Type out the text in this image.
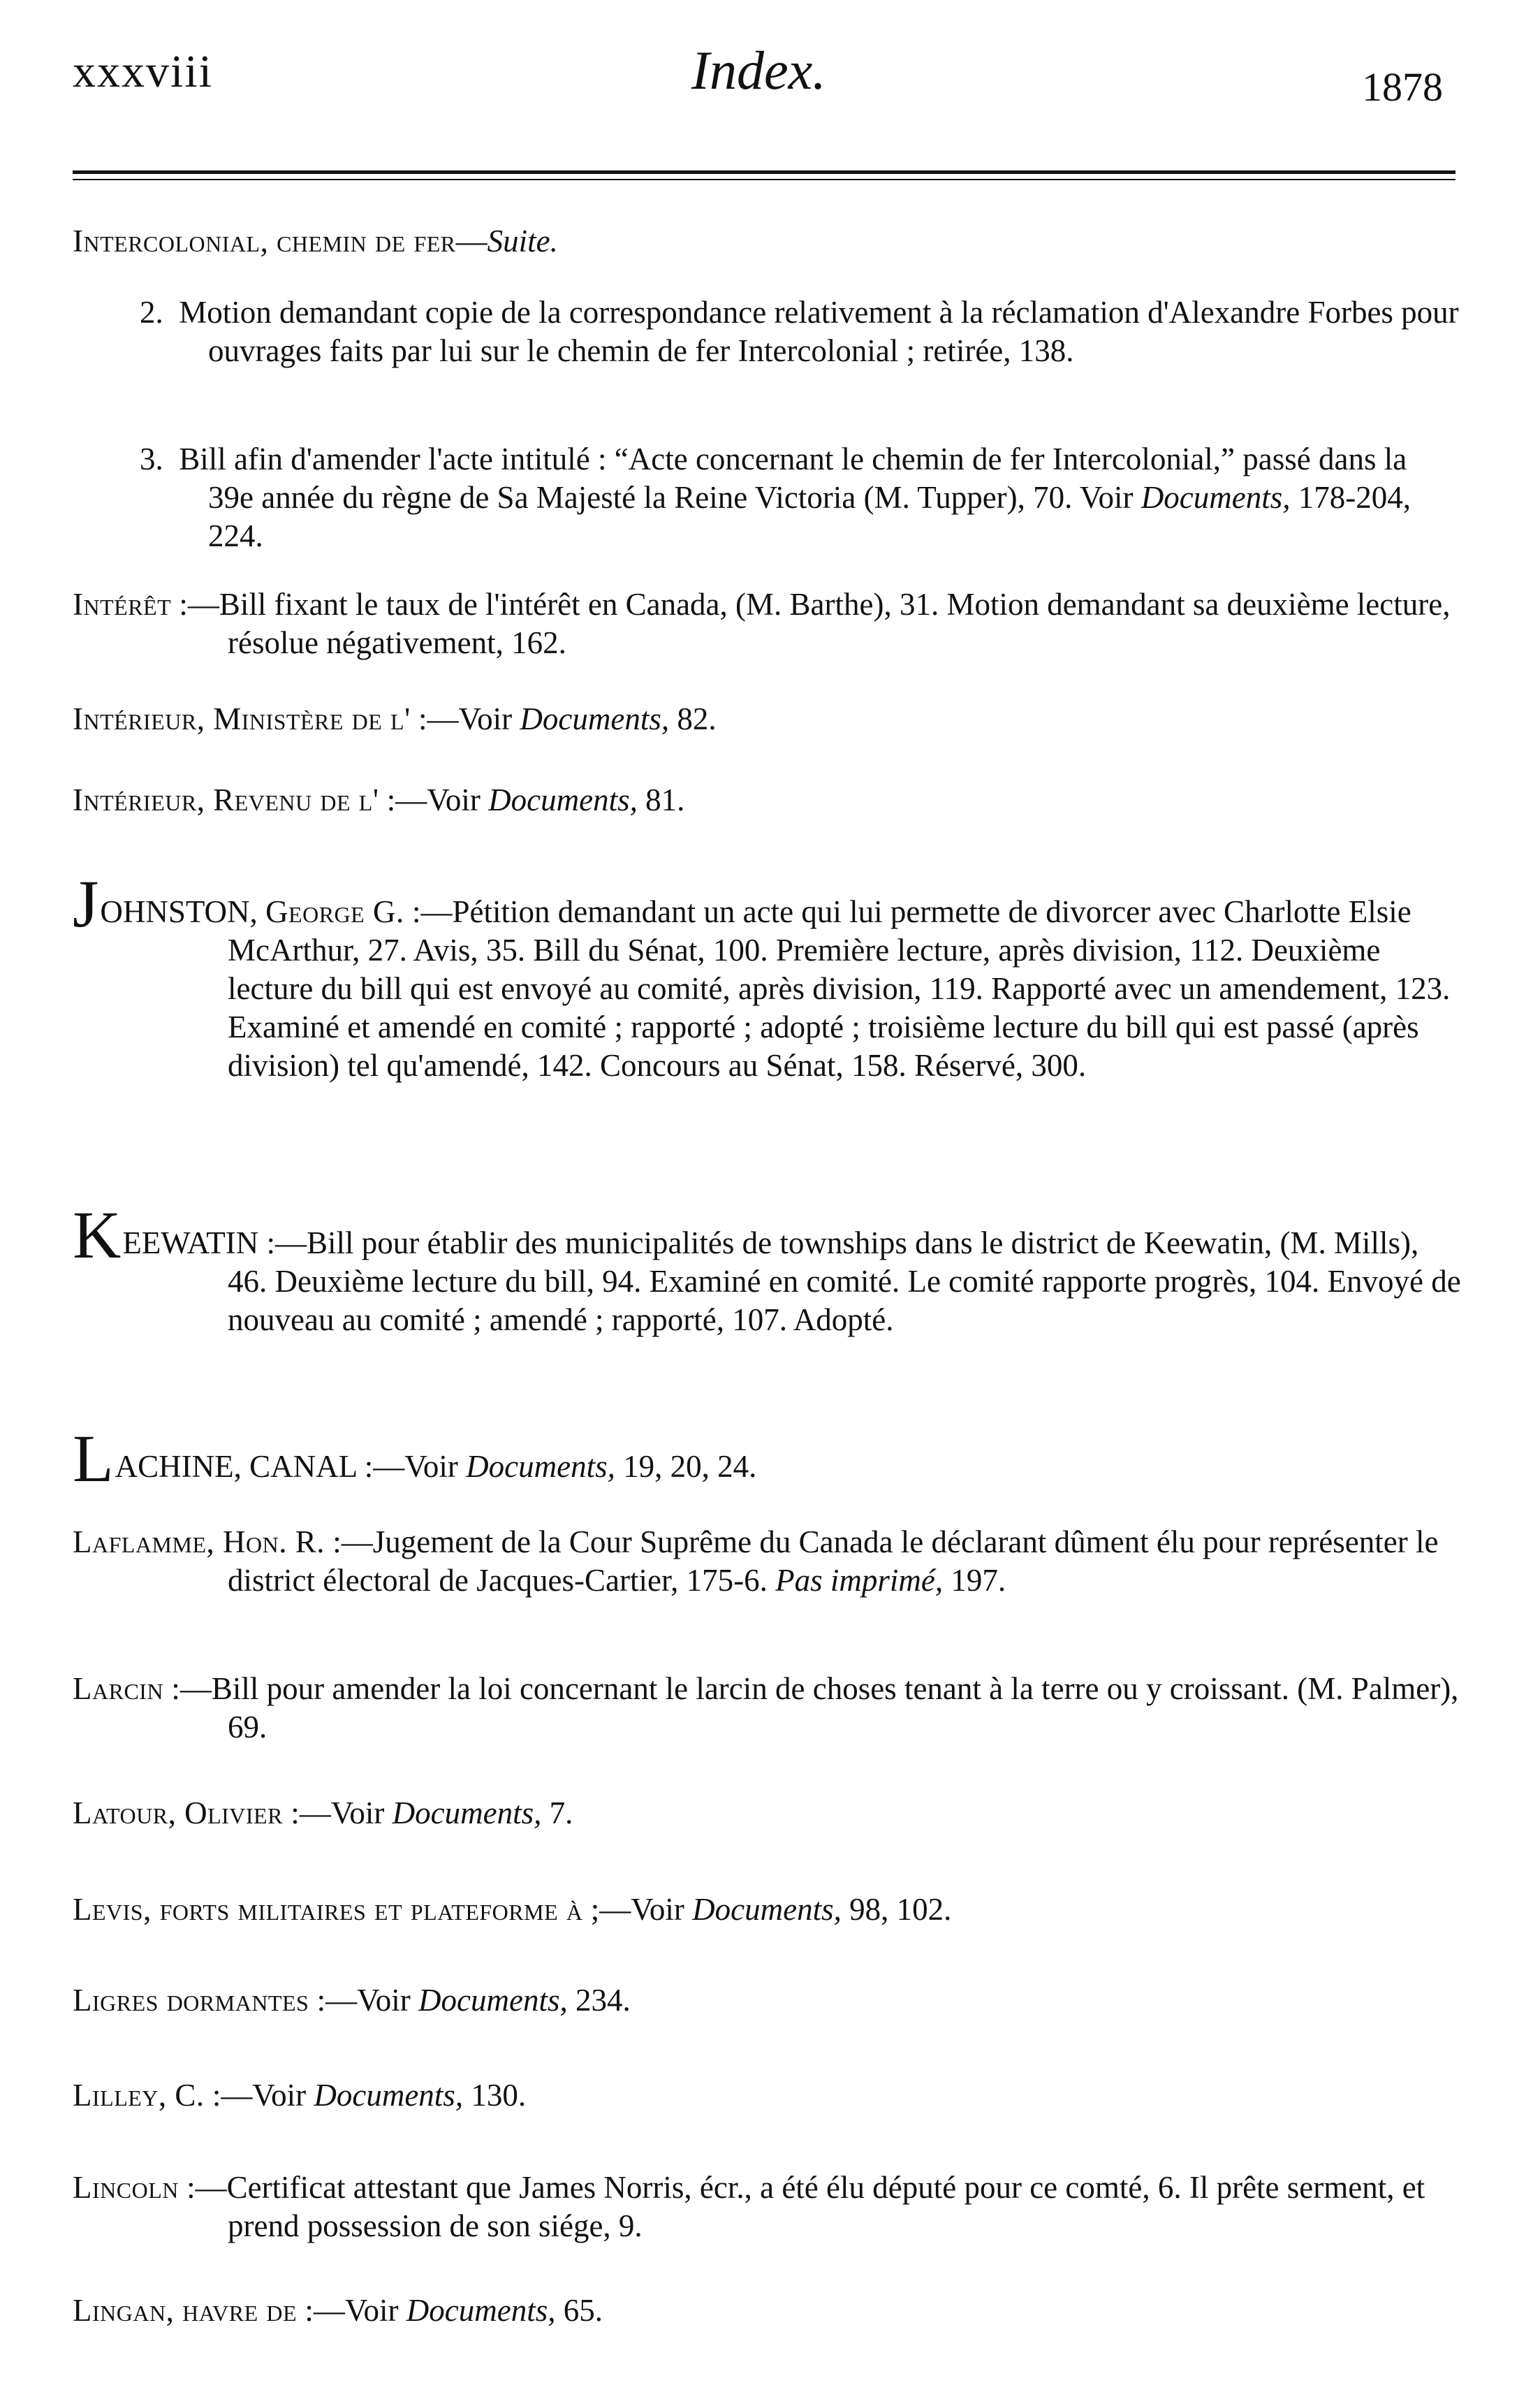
xxxviii	Index.	1878
Intercolonial, chemin de fer—Suite.
2. Motion demandant copie de la correspondance relativement à la réclamation d'Alexandre Forbes pour ouvrages faits par lui sur le chemin de fer Intercolonial ; retirée, 138.
3. Bill afin d'amender l'acte intitulé : “Acte concernant le chemin de fer Intercolonial,” passé dans la 39e année du règne de Sa Majesté la Reine Victoria (M. Tupper), 70. Voir Documents, 178-204, 224.
Intérêt :—Bill fixant le taux de l'intérêt en Canada, (M. Barthe), 31. Motion demandant sa deuxième lecture, résolue négativement, 162.
Intérieur, Ministère de l' :—Voir Documents, 82.
Intérieur, Revenu de l' :—Voir Documents, 81.
JOHNSTON, George G. :—Pétition demandant un acte qui lui permette de divorcer avec Charlotte Elsie McArthur, 27. Avis, 35. Bill du Sénat, 100. Première lecture, après division, 112. Deuxième lecture du bill qui est envoyé au comité, après division, 119. Rapporté avec un amendement, 123. Examiné et amendé en comité ; rapporté ; adopté ; troisième lecture du bill qui est passé (après division) tel qu'amendé, 142. Concours au Sénat, 158. Réservé, 300.
KEEWATIN :—Bill pour établir des municipalités de townships dans le district de Keewatin, (M. Mills), 46. Deuxième lecture du bill, 94. Examiné en comité. Le comité rapporte progrès, 104. Envoyé de nouveau au comité ; amendé ; rapporté, 107. Adopté.
LACHINE, CANAL :—Voir Documents, 19, 20, 24.
Laflamme, Hon. R. :—Jugement de la Cour Suprême du Canada le déclarant dûment élu pour représenter le district électoral de Jacques-Cartier, 175-6. Pas imprimé, 197.
Larcin :—Bill pour amender la loi concernant le larcin de choses tenant à la terre ou y croissant. (M. Palmer), 69.
Latour, Olivier :—Voir Documents, 7.
Levis, forts militaires et plateforme à ;—Voir Documents, 98, 102.
Ligres dormantes :—Voir Documents, 234.
Lilley, C. :—Voir Documents, 130.
Lincoln :—Certificat attestant que James Norris, écr., a été élu député pour ce comté, 6. Il prête serment, et prend possession de son siége, 9.
Lingan, havre de :—Voir Documents, 65.
